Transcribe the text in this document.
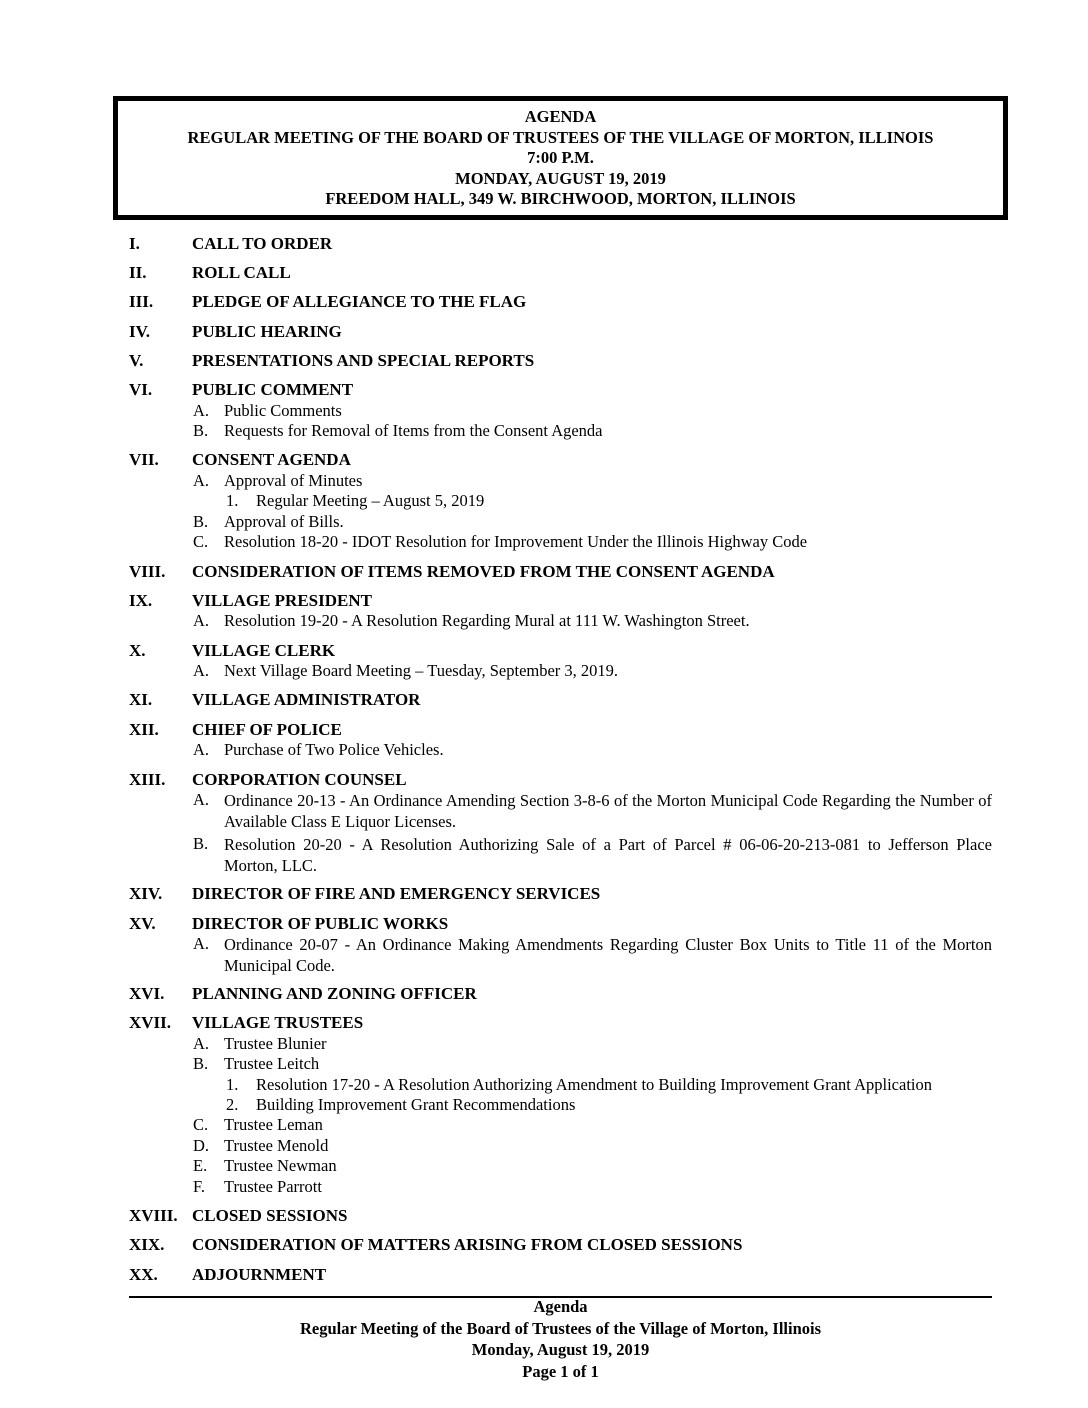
AGENDA
REGULAR MEETING OF THE BOARD OF TRUSTEES OF THE VILLAGE OF MORTON, ILLINOIS
7:00 P.M.
MONDAY, AUGUST 19, 2019
FREEDOM HALL, 349 W. BIRCHWOOD, MORTON, ILLINOIS
I.	CALL TO ORDER
II.	ROLL CALL
III. PLEDGE OF ALLEGIANCE TO THE FLAG
IV. PUBLIC HEARING
V.	PRESENTATIONS AND SPECIAL REPORTS
VI. PUBLIC COMMENT
A. Public Comments
B. Requests for Removal of Items from the Consent Agenda
VII. CONSENT AGENDA
A. Approval of Minutes
1. Regular Meeting – August 5, 2019
B. Approval of Bills.
C. Resolution 18-20 - IDOT Resolution for Improvement Under the Illinois Highway Code
VIII. CONSIDERATION OF ITEMS REMOVED FROM THE CONSENT AGENDA
IX. VILLAGE PRESIDENT
A. Resolution 19-20 - A Resolution Regarding Mural at 111 W. Washington Street.
X.	VILLAGE CLERK
A. Next Village Board Meeting – Tuesday, September 3, 2019.
XI. VILLAGE ADMINISTRATOR
XII. CHIEF OF POLICE
A. Purchase of Two Police Vehicles.
XIII. CORPORATION COUNSEL
A. Ordinance 20-13 - An Ordinance Amending Section 3-8-6 of the Morton Municipal Code Regarding the Number of Available Class E Liquor Licenses.
B. Resolution 20-20 - A Resolution Authorizing Sale of a Part of Parcel # 06-06-20-213-081 to Jefferson Place Morton, LLC.
XIV. DIRECTOR OF FIRE AND EMERGENCY SERVICES
XV. DIRECTOR OF PUBLIC WORKS
A. Ordinance 20-07 - An Ordinance Making Amendments Regarding Cluster Box Units to Title 11 of the Morton Municipal Code.
XVI. PLANNING AND ZONING OFFICER
XVII. VILLAGE TRUSTEES
A. Trustee Blunier
B. Trustee Leitch
1. Resolution 17-20 - A Resolution Authorizing Amendment to Building Improvement Grant Application
2. Building Improvement Grant Recommendations
C. Trustee Leman
D. Trustee Menold
E. Trustee Newman
F. Trustee Parrott
XVIII. CLOSED SESSIONS
XIX. CONSIDERATION OF MATTERS ARISING FROM CLOSED SESSIONS
XX. ADJOURNMENT
Agenda
Regular Meeting of the Board of Trustees of the Village of Morton, Illinois
Monday, August 19, 2019
Page 1 of 1
